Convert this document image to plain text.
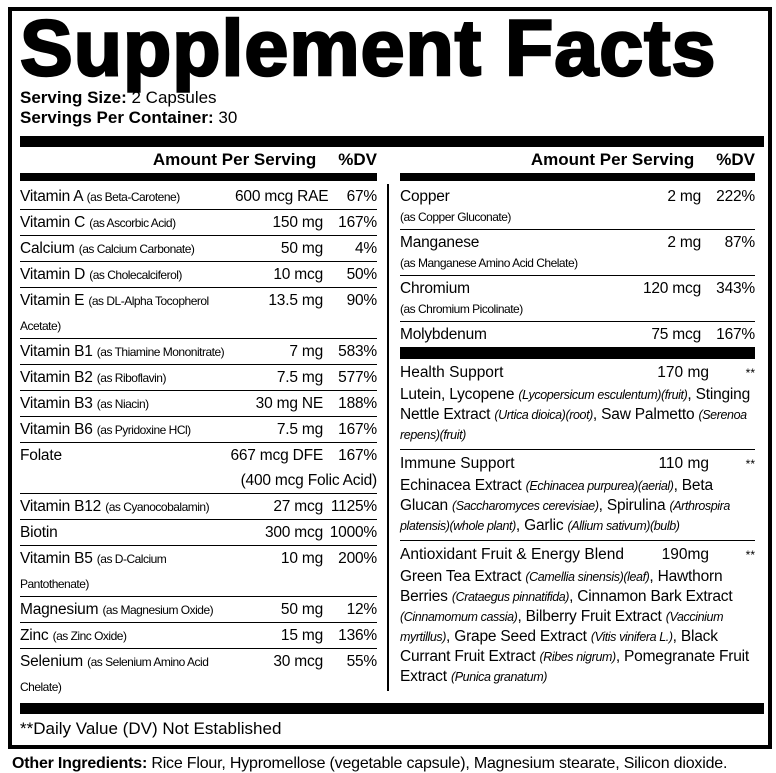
Supplement Facts
Serving Size: 2 Capsules
Servings Per Container: 30
Amount Per Serving %DV
Vitamin A (as Beta-Carotene)	600 mcg RAE	67%
Vitamin C (as Ascorbic Acid)	150 mg 167%
Calcium (as Calcium Carbonate)	50 mg	4%
Vitamin D (as Cholecalciferol)	10 mcg	50%
Vitamin E (as DL-Alpha Tocopherol Acetate)
13.5 mg	90%
Vitamin B1 (as Thiamine Mononitrate)	7 mg 583%
Vitamin B2 (as Riboflavin)	7.5 mg 577%
Vitamin B3 (as Niacin)	30 mg NE 188%
Vitamin B6 (as Pyridoxine HCl)	7.5 mg 167%
Folate	667 mcg DFE 167%
(400 mcg Folic Acid)
Vitamin B12 (as Cyanocobalamin)	27 mcg 1125%
Biotin	300 mcg 1000%
Vitamin B5 (as D-Calcium Pantothenate)
10 mg 200%
Magnesium (as Magnesium Oxide)	50 mg	12%
Zinc (as Zinc Oxide)	15 mg 136%
Selenium (as Selenium Amino Acid Chelate)
30 mcg	55%
Amount Per Serving %DV
Copper
(as Copper Gluconate)
2 mg 222%
Manganese
(as Manganese Amino Acid Chelate)
2 mg	87%
Chromium
(as Chromium Picolinate)
120 mcg 343%
Molybdenum	75 mcg 167%
Health Support	170 mg	**

Lutein, Lycopene (Lycopersicum esculentum)(fruit), Stinging Nettle Extract (Urtica dioica)(root), Saw Palmetto (Serenoa repens)(fruit)

Immune Support	110 mg	**

Echinacea Extract (Echinacea purpurea)(aerial), Beta Glucan (Saccharomyces cerevisiae), Spirulina (Arthrospira platensis)(whole plant), Garlic (Allium sativum)(bulb)

Antioxidant Fruit & Energy Blend	190mg	**

Green Tea Extract (Camellia sinensis)(leaf), Hawthorn Berries (Crataegus pinnatifida), Cinnamon Bark Extract (Cinnamomum cassia), Bilberry Fruit Extract (Vaccinium myrtillus), Grape Seed Extract (Vitis vinifera L.), Black Currant Fruit Extract (Ribes nigrum), Pomegranate Fruit Extract (Punica granatum)

**Daily Value (DV) Not Established
Other Ingredients: Rice Flour, Hypromellose (vegetable capsule), Magnesium stearate, Silicon dioxide.
